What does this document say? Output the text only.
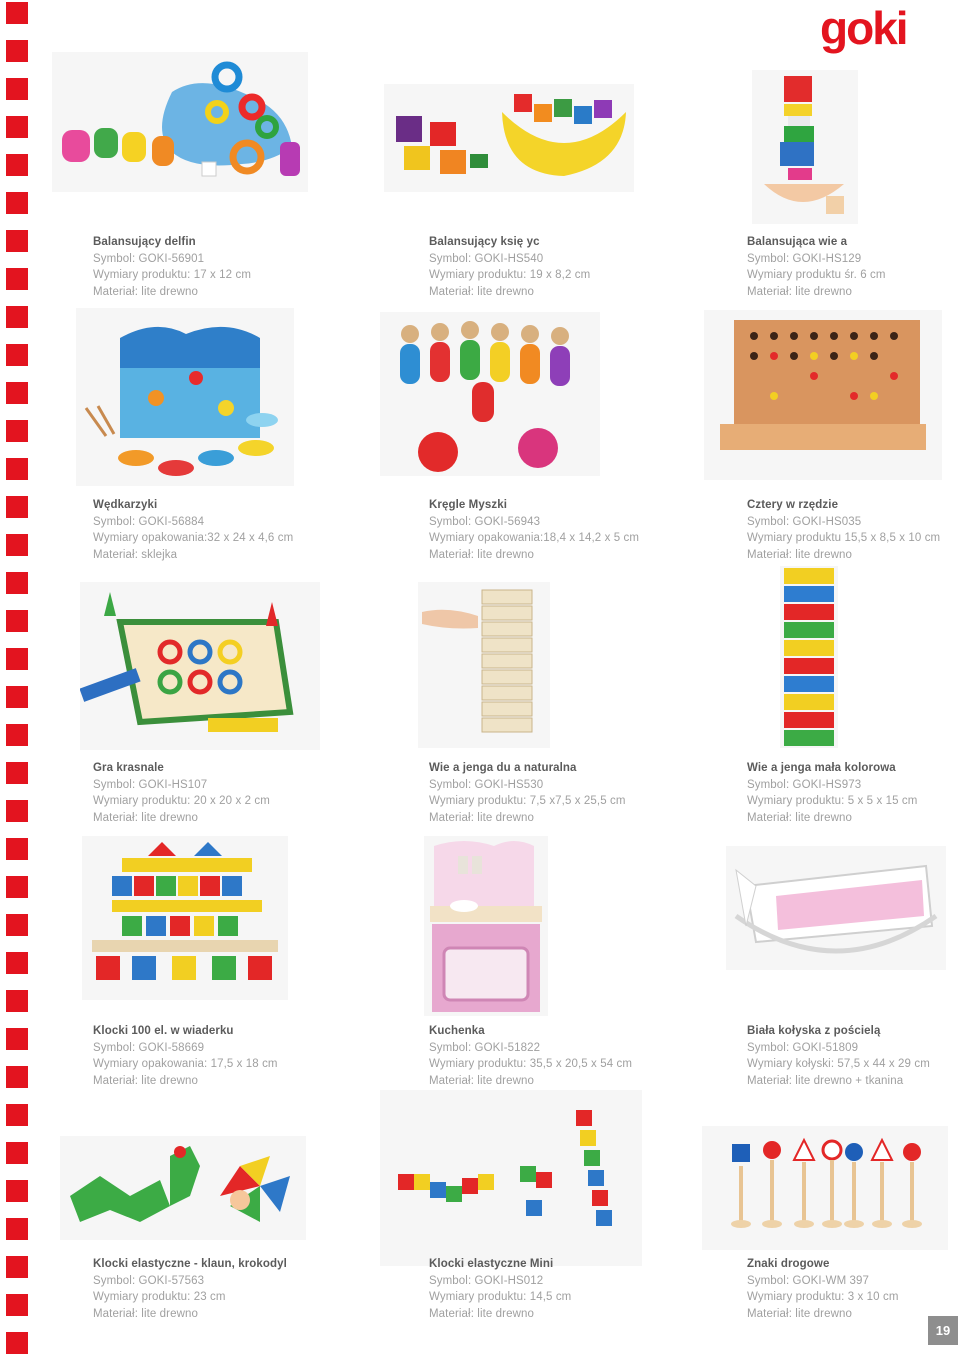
goki
Balansujący delfin
Symbol: GOKI-56901
Wymiary produktu: 17 x 12 cm
Materiał: lite drewno
Balansujący księ yc
Symbol: GOKI-HS540
Wymiary produktu: 19 x 8,2 cm
Materiał: lite drewno
Balansująca wie a
Symbol: GOKI-HS129
Wymiary produktu śr. 6 cm
Materiał: lite drewno
Wędkarzyki
Symbol: GOKI-56884
Wymiary opakowania:32 x 24 x 4,6 cm
Materiał: sklejka
Kręgle Myszki
Symbol: GOKI-56943
Wymiary opakowania:18,4 x 14,2 x 5 cm
Materiał: lite drewno
Cztery w rzędzie
Symbol: GOKI-HS035
Wymiary produktu 15,5 x 8,5 x 10 cm
Materiał: lite drewno
Gra krasnale
Symbol: GOKI-HS107
Wymiary produktu: 20 x 20 x 2 cm
Materiał: lite drewno
Wie a jenga du a naturalna
Symbol: GOKI-HS530
Wymiary produktu: 7,5 x7,5 x 25,5 cm
Materiał: lite drewno
Wie a jenga mała kolorowa
Symbol: GOKI-HS973
Wymiary produktu: 5 x 5 x 15 cm
Materiał: lite drewno
Klocki 100 el. w wiaderku
Symbol: GOKI-58669
Wymiary opakowania: 17,5 x 18 cm
Materiał: lite drewno
Kuchenka
Symbol: GOKI-51822
Wymiary produktu: 35,5 x 20,5 x 54 cm
Materiał: lite drewno
Biała kołyska z pościelą
Symbol: GOKI-51809
Wymiary kołyski: 57,5 x 44 x 29 cm
Materiał: lite drewno + tkanina
Klocki elastyczne - klaun, krokodyl
Symbol: GOKI-57563
Wymiary produktu: 23 cm
Materiał: lite drewno
Klocki elastyczne Mini
Symbol: GOKI-HS012
Wymiary produktu: 14,5 cm
Materiał: lite drewno
Znaki drogowe
Symbol: GOKI-WM 397
Wymiary produktu: 3 x 10 cm
Materiał: lite drewno
19
